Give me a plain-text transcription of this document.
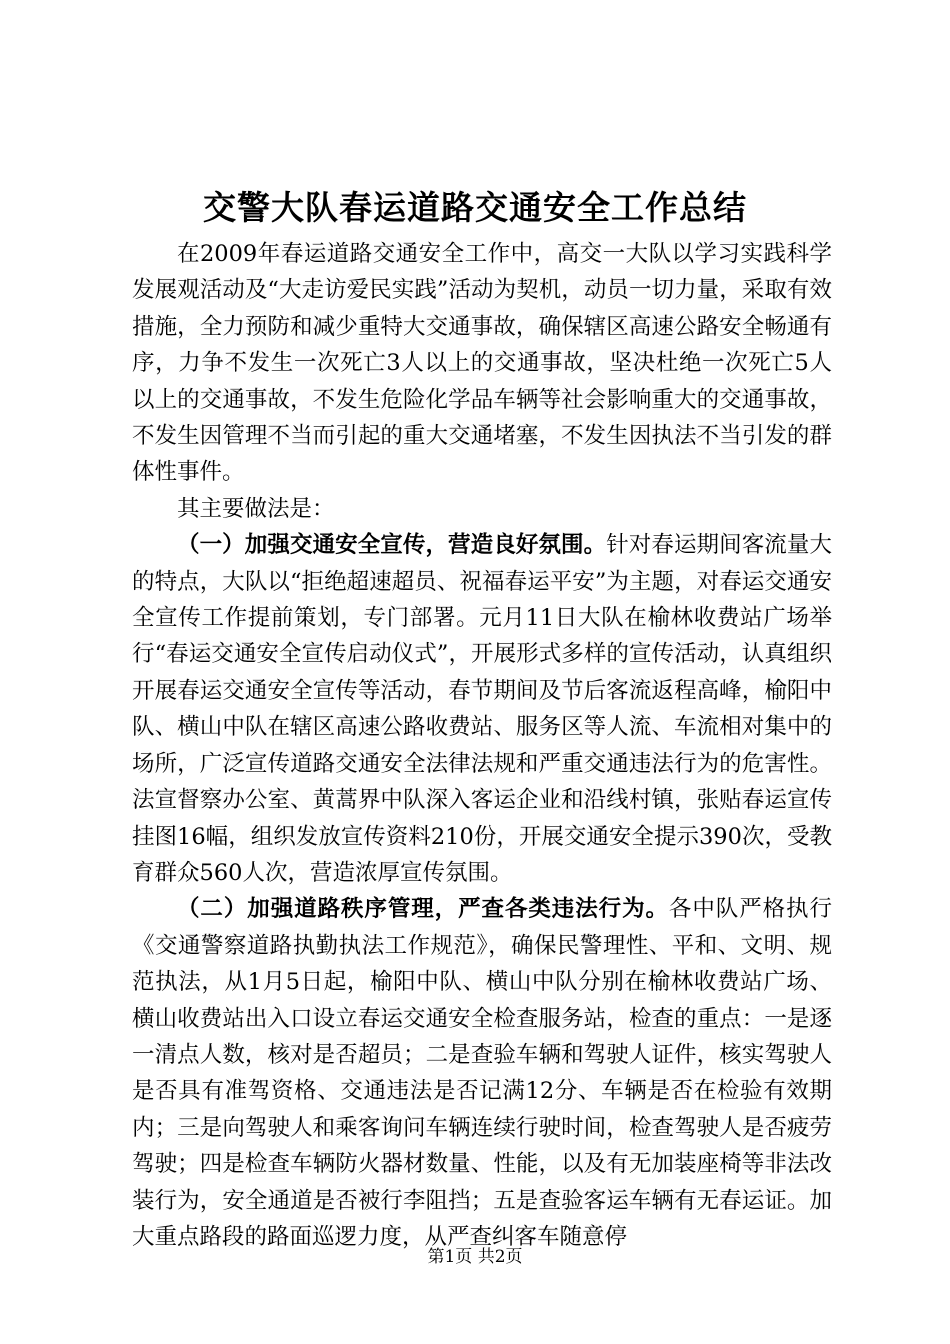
交警大队春运道路交通安全工作总结

在2009年春运道路交通安全工作中，高交一大队以学习实践科学发展观活动及“大走访爱民实践”活动为契机，动员一切力量，采取有效措施，全力预防和减少重特大交通事故，确保辖区高速公路安全畅通有序，力争不发生一次死亡3人以上的交通事故，坚决杜绝一次死亡5人以上的交通事故，不发生危险化学品车辆等社会影响重大的交通事故，不发生因管理不当而引起的重大交通堵塞，不发生因执法不当引发的群体性事件。

其主要做法是：

（一）加强交通安全宣传，营造良好氛围。针对春运期间客流量大的特点，大队以“拒绝超速超员、祝福春运平安”为主题，对春运交通安全宣传工作提前策划，专门部署。元月11日大队在榆林收费站广场举行“春运交通安全宣传启动仪式”，开展形式多样的宣传活动，认真组织开展春运交通安全宣传等活动，春节期间及节后客流返程高峰，榆阳中队、横山中队在辖区高速公路收费站、服务区等人流、车流相对集中的场所，广泛宣传道路交通安全法律法规和严重交通违法行为的危害性。法宣督察办公室、黄蒿界中队深入客运企业和沿线村镇，张贴春运宣传挂图16幅，组织发放宣传资料210份，开展交通安全提示390次，受教育群众560人次，营造浓厚宣传氛围。

（二）加强道路秩序管理，严查各类违法行为。各中队严格执行《交通警察道路执勤执法工作规范》，确保民警理性、平和、文明、规范执法，从1月5日起，榆阳中队、横山中队分别在榆林收费站广场、横山收费站出入口设立春运交通安全检查服务站，检查的重点：一是逐一清点人数，核对是否超员；二是查验车辆和驾驶人证件，核实驾驶人是否具有准驾资格、交通违法是否记满12分、车辆是否在检验有效期内；三是向驾驶人和乘客询问车辆连续行驶时间，检查驾驶人是否疲劳驾驶；四是检查车辆防火器材数量、性能，以及有无加装座椅等非法改装行为，安全通道是否被行李阻挡；五是查验客运车辆有无春运证。加大重点路段的路面巡逻力度，从严查纠客车随意停

第1页 共2页
